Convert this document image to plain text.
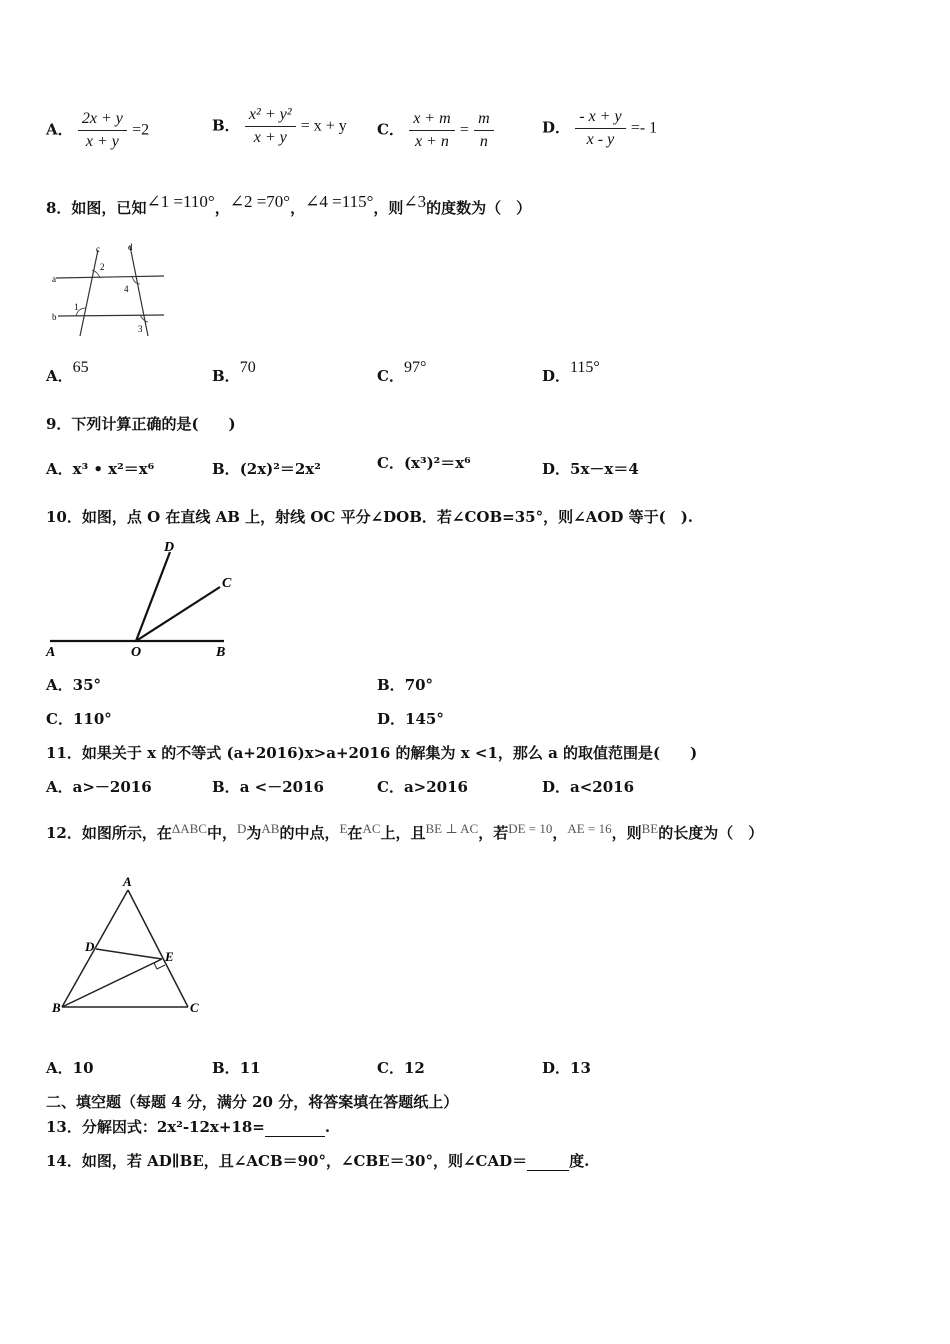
A． $\frac{2x + y}{x + y} =2$	B． $\frac{\text{x² + y²}}{x + y} = x + y$ C． $\frac{x + m}{x + n} = \frac{m}{n}$	D． $\frac{- x + y}{x - y} =- 1$
8．如图，已知∠1 =110°，∠2 =70°，∠4 =115°，则∠3的度数为（　）
a
b
c	d
1
2
3
4
A．65	B．70	C．97°	D．115°
9．下列计算正确的是(　　)
A．x³ • x²＝x⁶	B．(2x)²＝2x²	C．(x³)²＝x⁶	D．5x－x＝4
10．如图，点 O 在直线 AB 上，射线 OC 平分∠DOB．若∠COB=35°，则∠AOD 等于(　).
A	O	B
C
D
A．35°	B．70°
C．110°	D．145°
11．如果关于 x 的不等式 (a+2016)x>a+2016 的解集为 x <1，那么 a 的取值范围是(　　)
A．a>－2016	B．a <－2016	C．a>2016	D．a<2016
12．如图所示，在ΔABC中，D为AB的中点，E在AC上，且BE ⊥ AC，若DE = 10，AE = 16，则BE的长度为（　）
A
B	C
D
E
A．10	B．11	C．12	D．13
二、填空题（每题 4 分，满分 20 分，将答案填在答题纸上）
13．分解因式：2x²-12x+18=	.
14．如图，若 AD∥BE，且∠ACB＝90°，∠CBE＝30°，则∠CAD＝	度.
